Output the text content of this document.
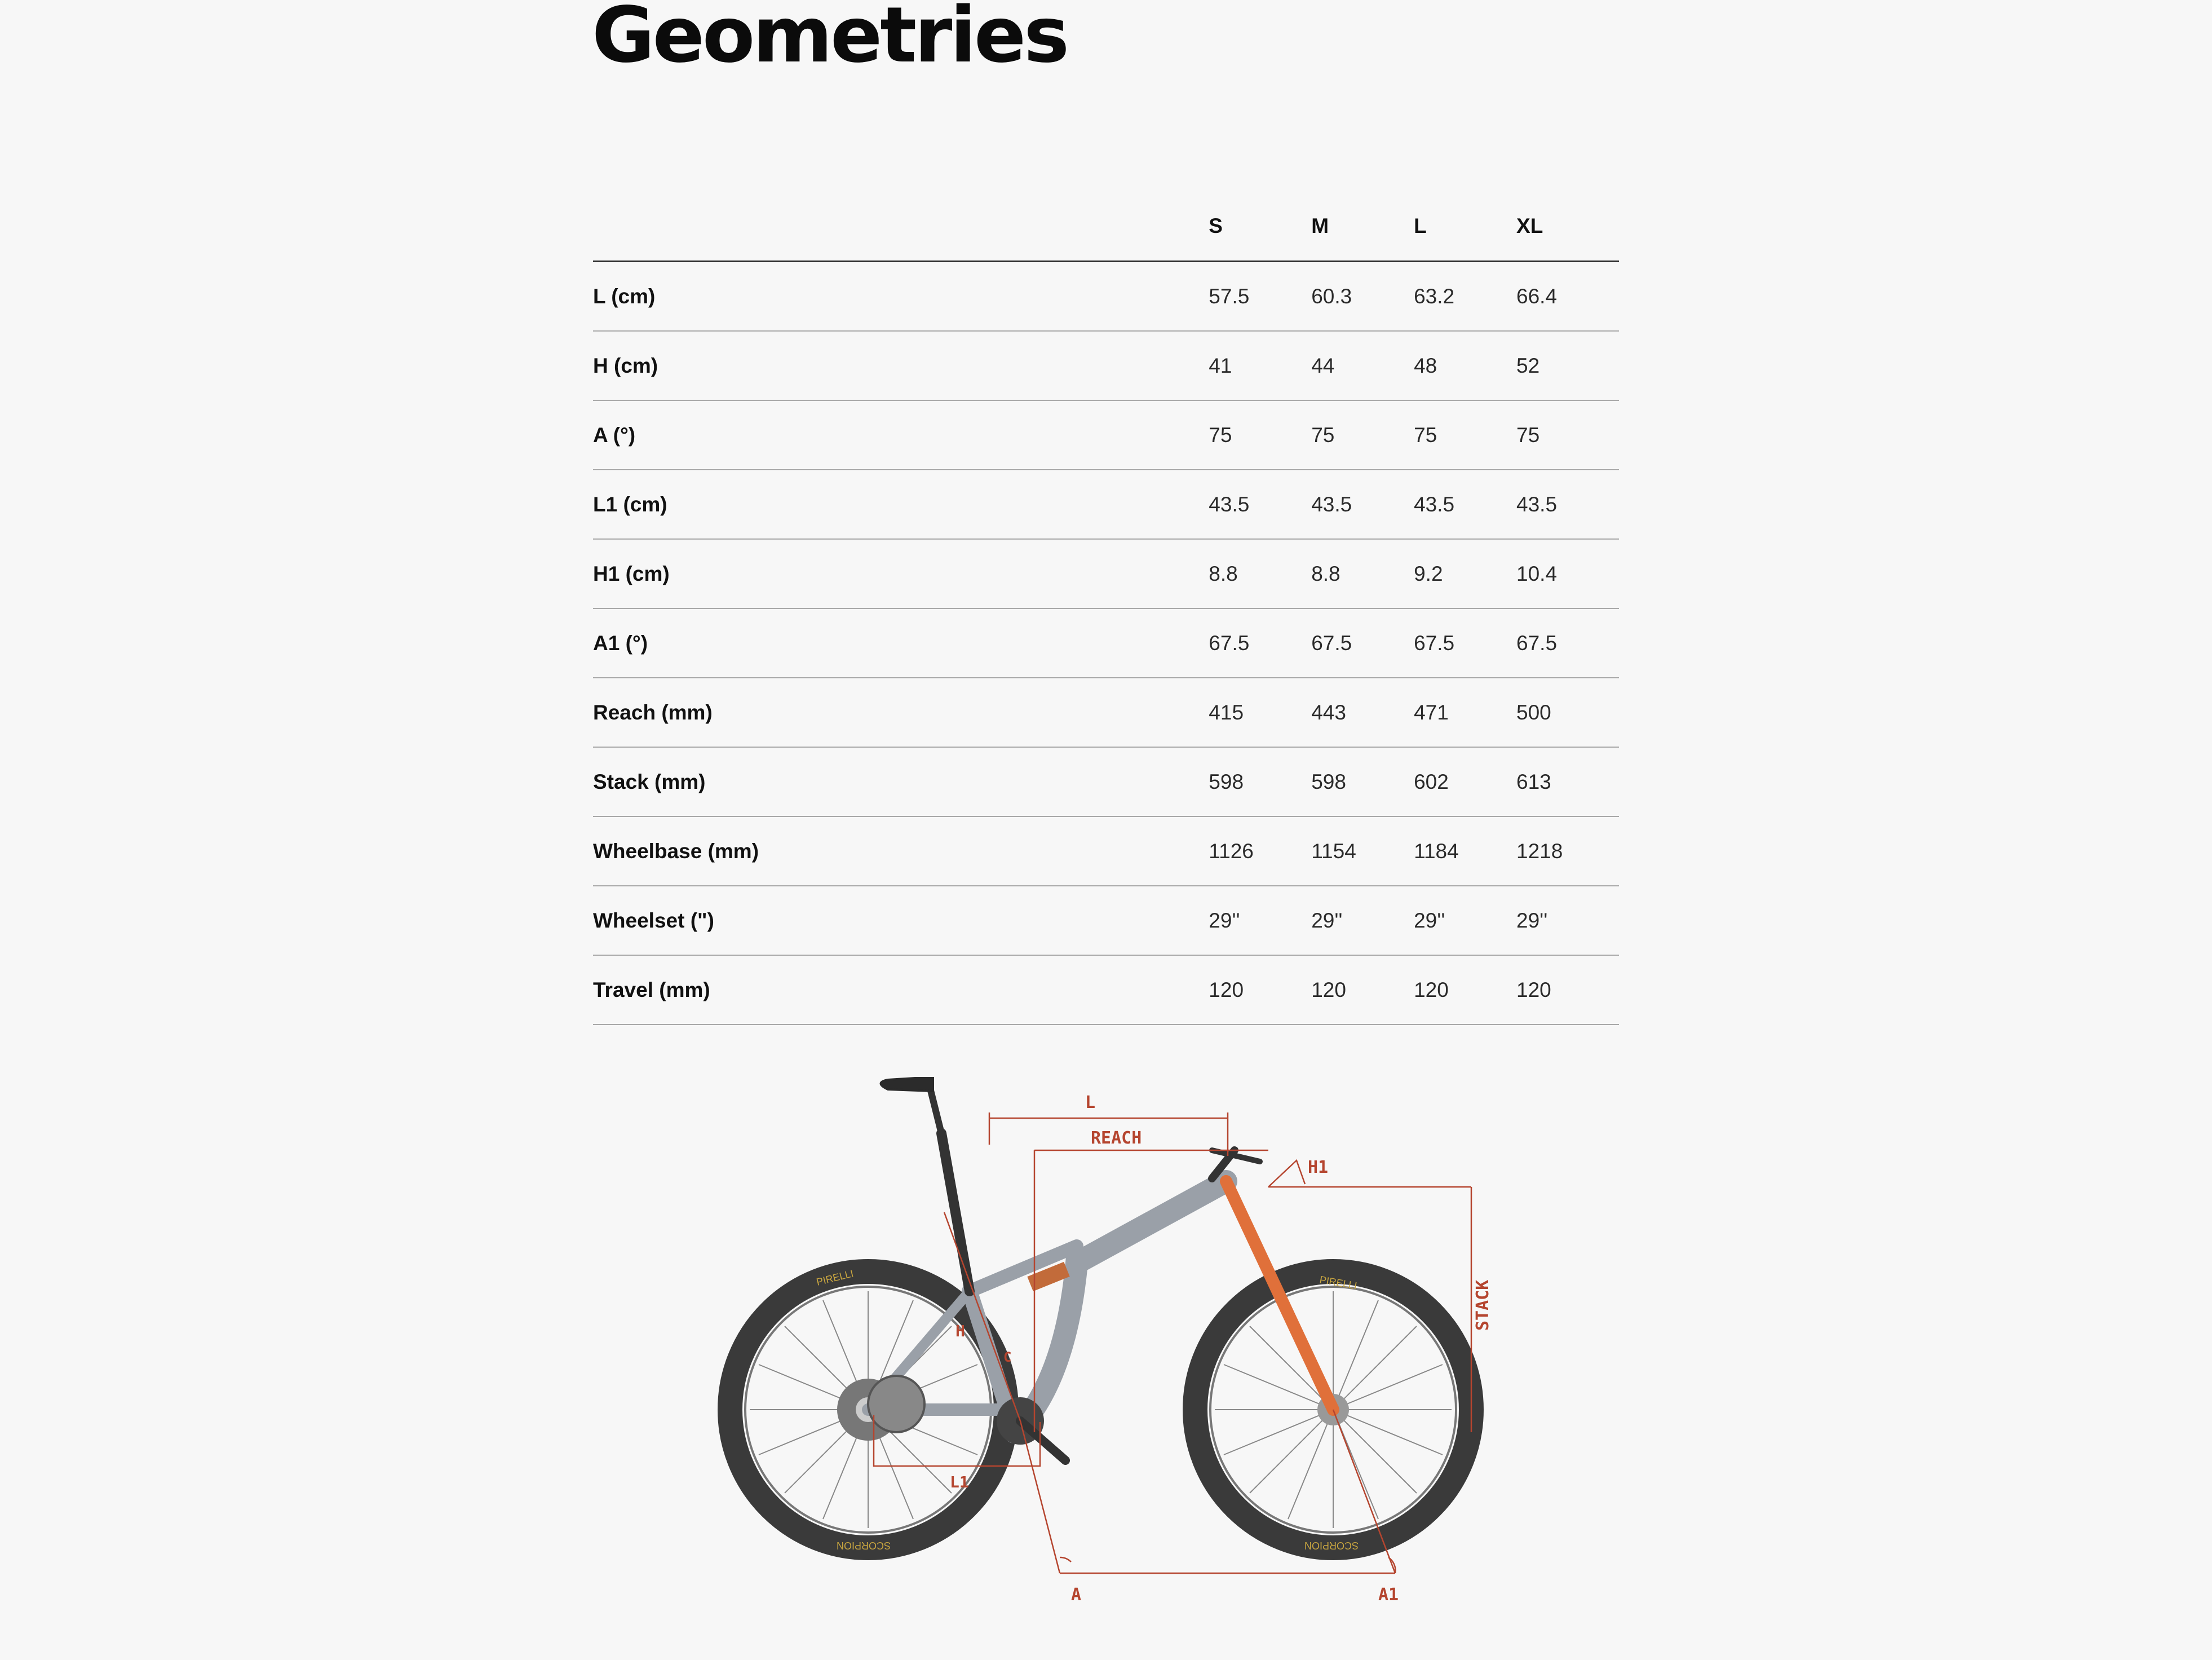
Geometries
	S	M	L	XL
L (cm)	57.5	60.3	63.2	66.4
H (cm)	41	44	48	52
A (°)	75	75	75	75
L1 (cm)	43.5	43.5	43.5	43.5
H1 (cm)	8.8	8.8	9.2	10.4
A1 (°)	67.5	67.5	67.5	67.5
Reach (mm)	415	443	471	500
Stack (mm)	598	598	602	613
Wheelbase (mm)	1126	1154	1184	1218
Wheelset (")	29''	29''	29''	29''
Travel (mm)	120	120	120	120
PIRELLI
SCORPION
PIRELLI
SCORPION
L
REACH
H1
STACK
H
C
L1
A	A1
